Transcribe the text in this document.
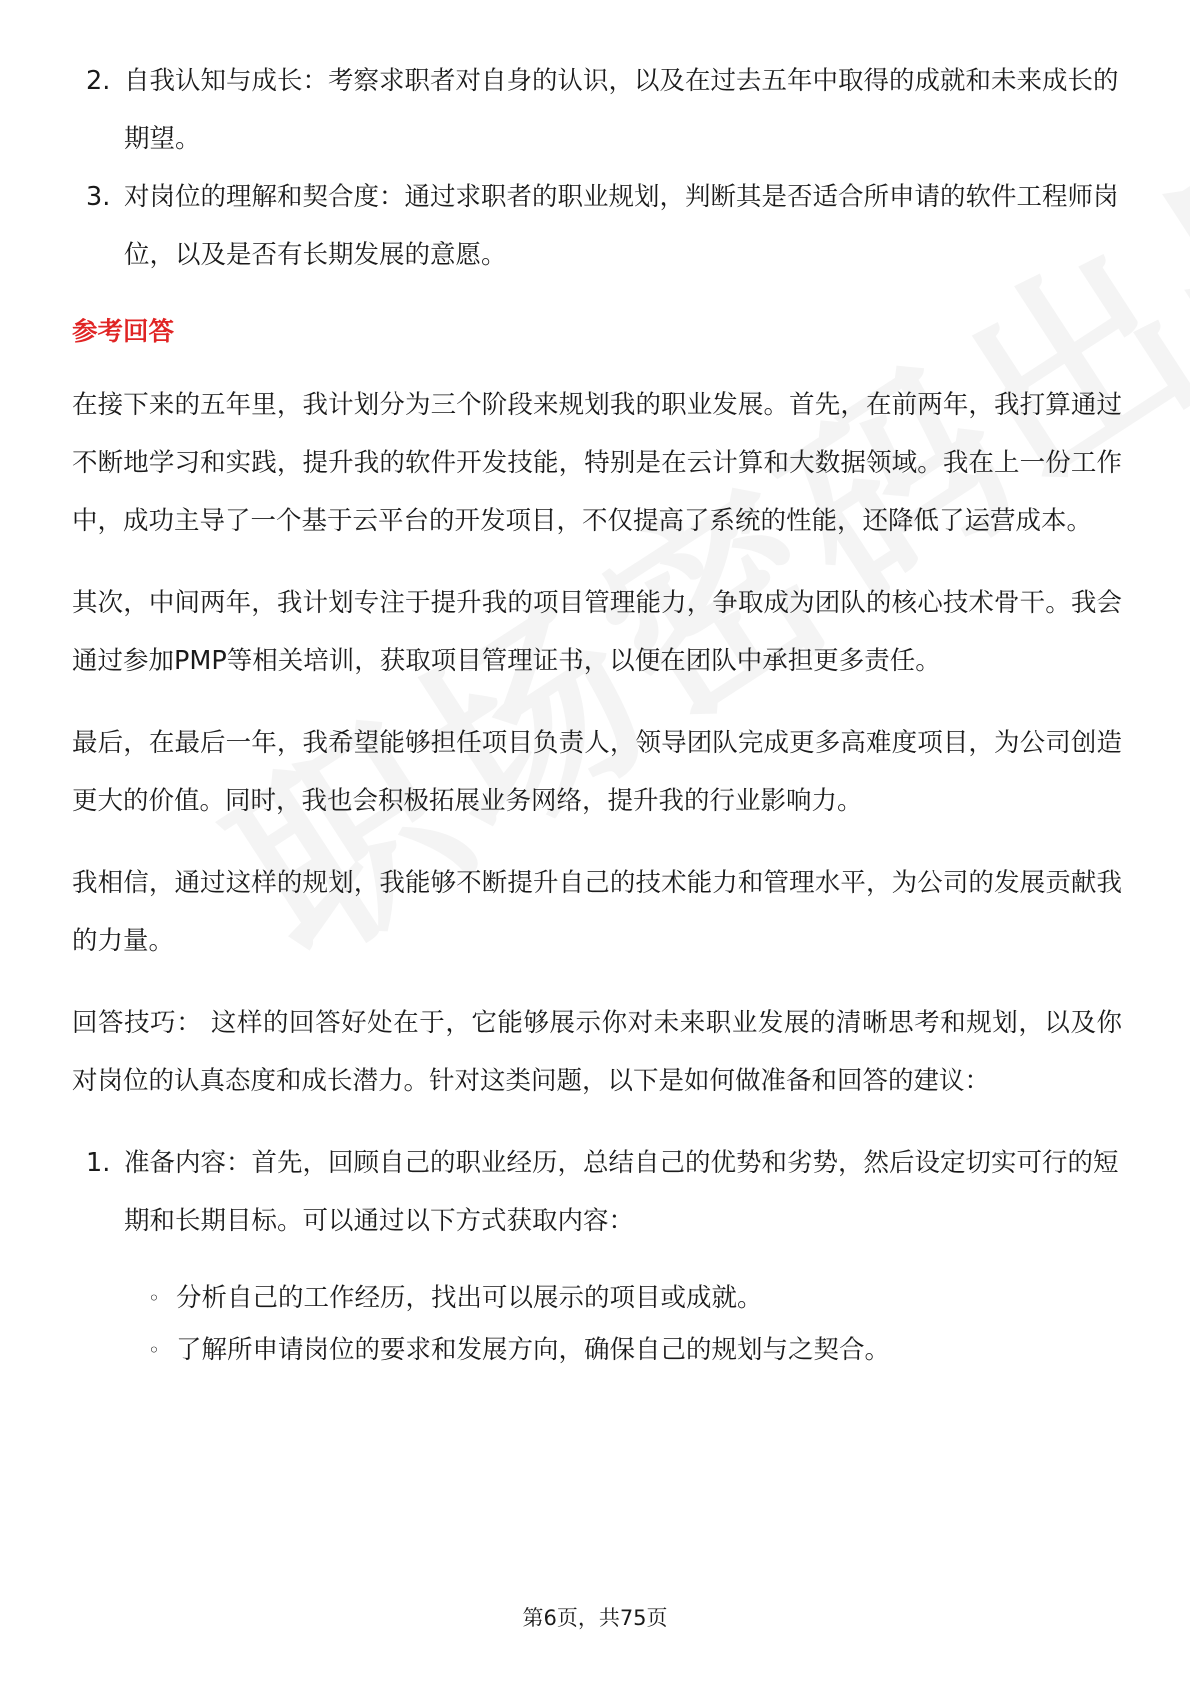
2. 自我认知与成长：考察求职者对自身的认识，以及在过去五年中取得的成就和未来成长的期望。
3. 对岗位的理解和契合度：通过求职者的职业规划，判断其是否适合所申请的软件工程师岗位，以及是否有长期发展的意愿。
参考回答

在接下来的五年里，我计划分为三个阶段来规划我的职业发展。首先，在前两年，我打算通过不断地学习和实践，提升我的软件开发技能，特别是在云计算和大数据领域。我在上一份工作中，成功主导了一个基于云平台的开发项目，不仅提高了系统的性能，还降低了运营成本。

其次，中间两年，我计划专注于提升我的项目管理能力，争取成为团队的核心技术骨干。我会通过参加PMP等相关培训，获取项目管理证书，以便在团队中承担更多责任。

最后，在最后一年，我希望能够担任项目负责人，领导团队完成更多高难度项目，为公司创造更大的价值。同时，我也会积极拓展业务网络，提升我的行业影响力。

我相信，通过这样的规划，我能够不断提升自己的技术能力和管理水平，为公司的发展贡献我的力量。

回答技巧： 这样的回答好处在于，它能够展示你对未来职业发展的清晰思考和规划，以及你对岗位的认真态度和成长潜力。针对这类问题，以下是如何做准备和回答的建议：

1. 准备内容：首先，回顾自己的职业经历，总结自己的优势和劣势，然后设定切实可行的短期和长期目标。可以通过以下方式获取内容：
◦ 分析自己的工作经历，找出可以展示的项目或成就。
◦ 了解所申请岗位的要求和发展方向，确保自己的规划与之契合。
第6页，共75页
